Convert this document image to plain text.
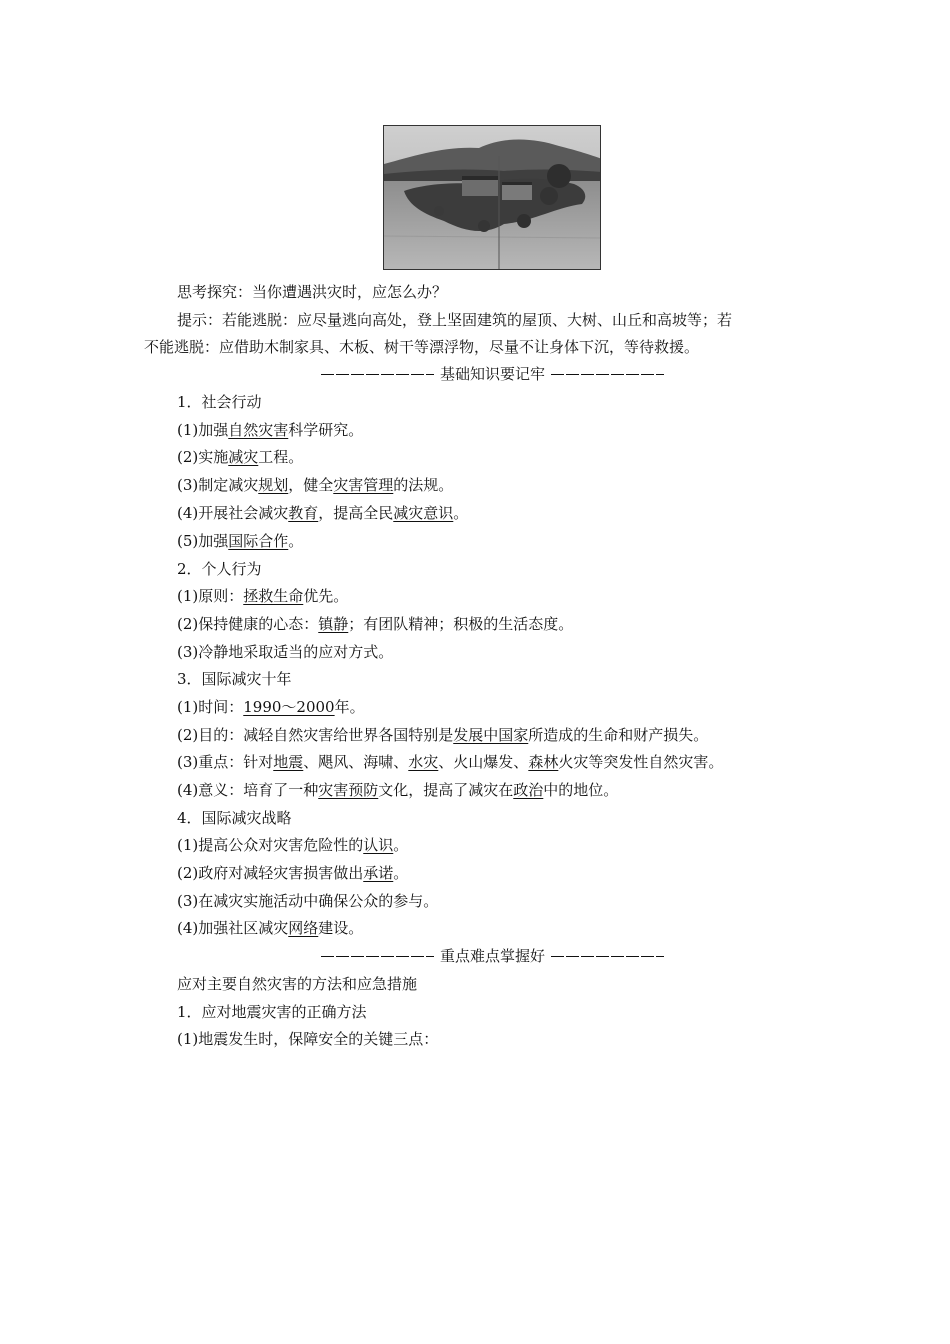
思考探究：当你遭遇洪灾时，应怎么办？
提示：若能逃脱：应尽量逃向高处，登上坚固建筑的屋顶、大树、山丘和高坡等；若
不能逃脱：应借助木制家具、木板、树干等漂浮物，尽量不让身体下沉，等待救援。
基础知识要记牢
1．社会行动
(1)加强自然灾害科学研究。
(2)实施减灾工程。
(3)制定减灾规划，健全灾害管理的法规。
(4)开展社会减灾教育，提高全民减灾意识。
(5)加强国际合作。
2．个人行为
(1)原则：拯救生命优先。
(2)保持健康的心态：镇静；有团队精神；积极的生活态度。
(3)冷静地采取适当的应对方式。
3．国际减灾十年
(1)时间：1990～2000年。
(2)目的：减轻自然灾害给世界各国特别是发展中国家所造成的生命和财产损失。
(3)重点：针对地震、飓风、海啸、水灾、火山爆发、森林火灾等突发性自然灾害。
(4)意义：培育了一种灾害预防文化，提高了减灾在政治中的地位。
4．国际减灾战略
(1)提高公众对灾害危险性的认识。
(2)政府对减轻灾害损害做出承诺。
(3)在减灾实施活动中确保公众的参与。
(4)加强社区减灾网络建设。
重点难点掌握好
应对主要自然灾害的方法和应急措施
1．应对地震灾害的正确方法
(1)地震发生时，保障安全的关键三点：
